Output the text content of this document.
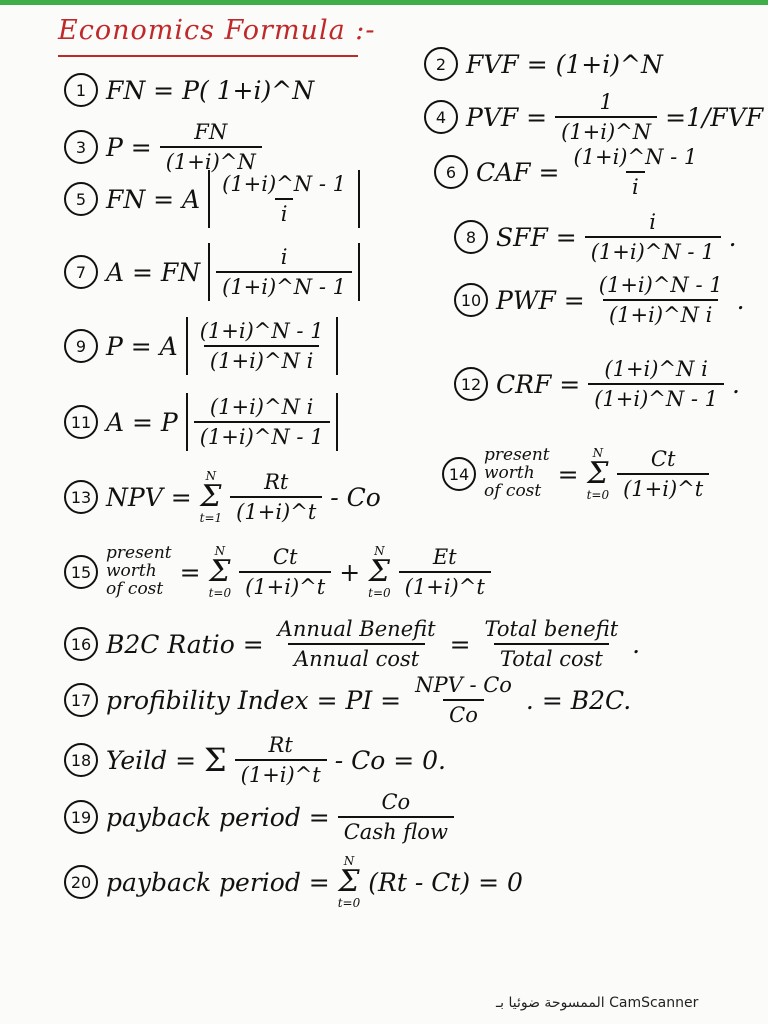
Economics Formula :-
1 FN = P( 1+i)^N
2 FVF = (1+i)^N
3 $P = \frac{FN}{(1+i)\^{}N}$
4 PVF = $\frac{1}{(1+i)\^{}N} =1/FVF$
5 FN = A $\frac{(1+i)\^{}N - 1}{i}$	6 CAF = $\frac{(1+i)\^{}N - 1}{i}$
7 A = FN $\frac{i}{(1+i)\^{}N - 1}$
8 SFF = $\frac{i}{(1+i)\^{}N - 1}$ .
9 P = A $\frac{(1+i)\^{}N - 1}{\text{(1+i)\textasciicircum{}N i}}$
10 PWF = $\frac{(1+i)\^{}N - 1}{\text{(1+i)\textasciicircum{}N i}}$ .
11 A = P $\frac{\text{(1+i)\textasciicircum{}N i}}{(1+i)\^{}N - 1}$
12 CRF = $\frac{\text{(1+i)\textasciicircum{}N i}}{(1+i)\^{}N - 1}$ .
13 NPV =
N
Σ
$t=1 \frac{Rt}{(1+i)\^{}t} - Co$
14
present
worth
of cost
=
N
Σ
$t=0 \frac{Ct}{(1+i)\^{}t}$
15
present
worth
of cost
=
N
Σ
$t=0 \frac{Ct}{(1+i)\^{}t}$ +
N
Σ
$t=0 \frac{Et}{(1+i)\^{}t}$
16 B2C Ratio = $\frac{\text{Annual Benefit}}{\text{Annual cost}} = \frac{\text{Total benefit}}{\text{Total cost}}$ .
17 profibility Index = PI = $\frac{\text{NPV - Co}}{Co}$ . = B2C.
18 Yeild = Σ $\frac{Rt}{(1+i)\^{}t} - Co = 0$.
19 payback period = $\frac{Co}{\text{Cash flow}}$
20 payback period =
N
Σ
t=0
(Rt - Ct) = 0
الممسوحة ضوئيا بـ CamScanner
